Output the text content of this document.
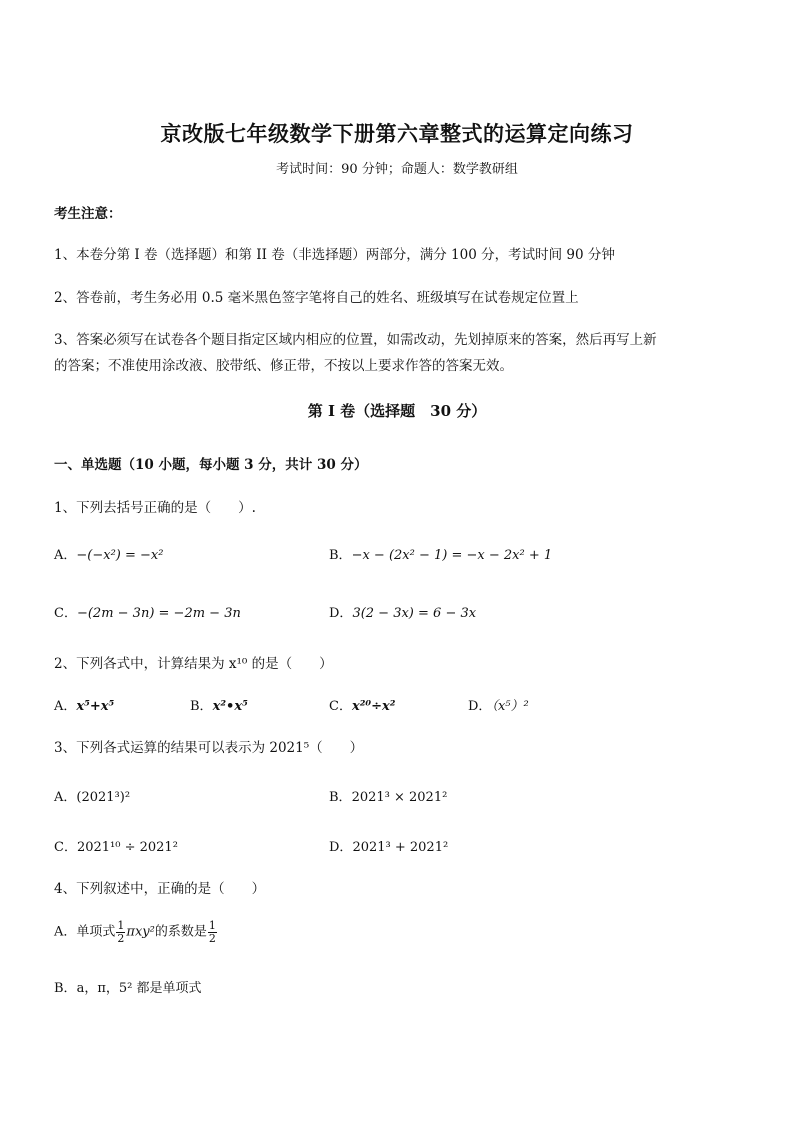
京改版七年级数学下册第六章整式的运算定向练习
考试时间：90 分钟；命题人：数学教研组
考生注意：
1、本卷分第 I 卷（选择题）和第 II 卷（非选择题）两部分，满分 100 分，考试时间 90 分钟
2、答卷前，考生务必用 0.5 毫米黑色签字笔将自己的姓名、班级填写在试卷规定位置上
3、答案必须写在试卷各个题目指定区域内相应的位置，如需改动，先划掉原来的答案，然后再写上新
的答案；不准使用涂改液、胶带纸、修正带，不按以上要求作答的答案无效。
第 I 卷（选择题　30 分）
一、单选题（10 小题，每小题 3 分，共计 30 分）
1、下列去括号正确的是（　　）.
A．−(−x²) = −x²	B．−x − (2x² − 1) = −x − 2x² + 1
C．−(2m − 3n) = −2m − 3n	D．3(2 − 3x) = 6 − 3x
2、下列各式中，计算结果为 x¹⁰ 的是（　　）
A．x⁵+x⁵	B．x²•x⁵	C．x²⁰÷x²	D．（x⁵）²
3、下列各式运算的结果可以表示为 2021⁵（　　）
A．(2021³)²	B．2021³ × 2021²
C．2021¹⁰ ÷ 2021²	D．2021³ + 2021²
4、下列叙述中，正确的是（　　）
A．单项式 $\frac{1}{2} \pi xy^2$的系数是 $\frac{1}{2}$
B．a，π，5² 都是单项式
